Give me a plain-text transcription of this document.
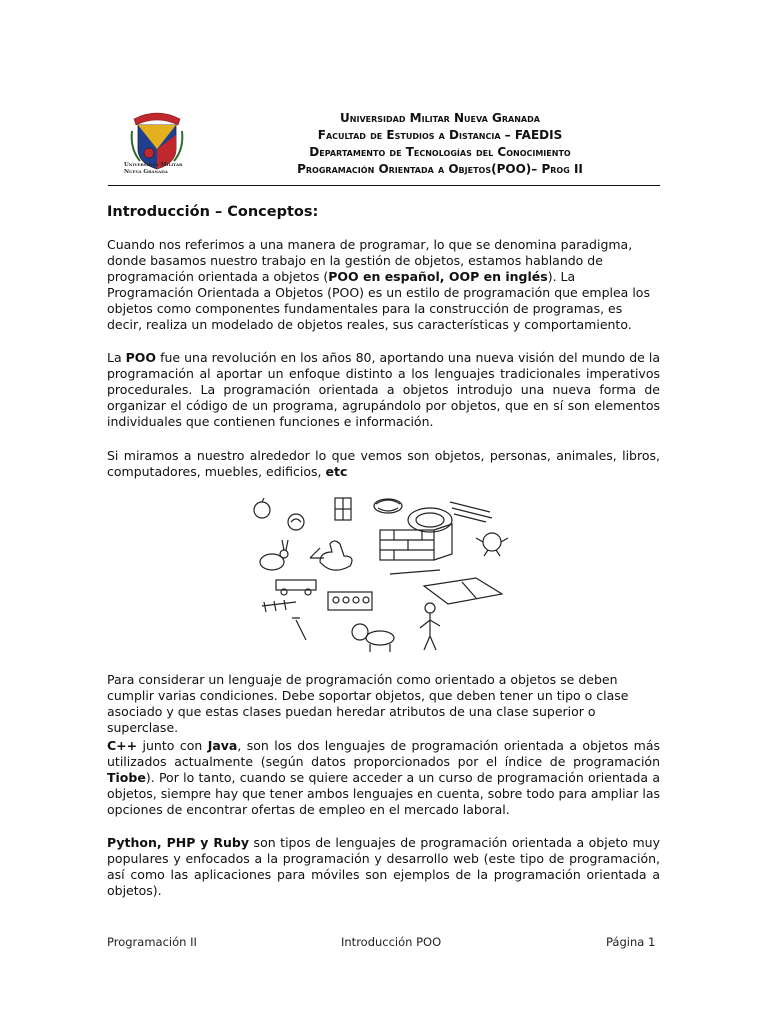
Universidad Militar
Nueva Granada
Universidad Militar Nueva Granada
Facultad de Estudios a Distancia – FAEDIS
Departamento de Tecnologías del Conocimiento
Programación Orientada a Objetos(POO)– Prog II
Introducción – Conceptos:

Cuando nos referimos a una manera de programar, lo que se denomina paradigma, donde basamos nuestro trabajo en la gestión de objetos, estamos hablando de programación orientada a objetos (POO en español, OOP en inglés). La Programación Orientada a Objetos (POO) es un estilo de programación que emplea los objetos como componentes fundamentales para la construcción de programas, es decir, realiza un modelado de objetos reales, sus características y comportamiento.

La POO fue una revolución en los años 80, aportando una nueva visión del mundo de la programación al aportar un enfoque distinto a los lenguajes tradicionales imperativos procedurales. La programación orientada a objetos introdujo una nueva forma de organizar el código de un programa, agrupándolo por objetos, que en sí son elementos individuales que contienen funciones e información.

Si miramos a nuestro alrededor lo que vemos son objetos, personas, animales, libros, computadores, muebles, edificios, etc

Para considerar un lenguaje de programación como orientado a objetos se deben cumplir varias condiciones. Debe soportar objetos, que deben tener un tipo o clase asociado y que estas clases puedan heredar atributos de una clase superior o superclase.

C++ junto con Java, son los dos lenguajes de programación orientada a objetos más utilizados actualmente (según datos proporcionados por el índice de programación Tiobe). Por lo tanto, cuando se quiere acceder a un curso de programación orientada a objetos, siempre hay que tener ambos lenguajes en cuenta, sobre todo para ampliar las opciones de encontrar ofertas de empleo en el mercado laboral.

Python, PHP y Ruby son tipos de lenguajes de programación orientada a objeto muy populares y enfocados a la programación y desarrollo web (este tipo de programación, así como las aplicaciones para móviles son ejemplos de la programación orientada a objetos).

Programación II	Introducción POO	Página 1
